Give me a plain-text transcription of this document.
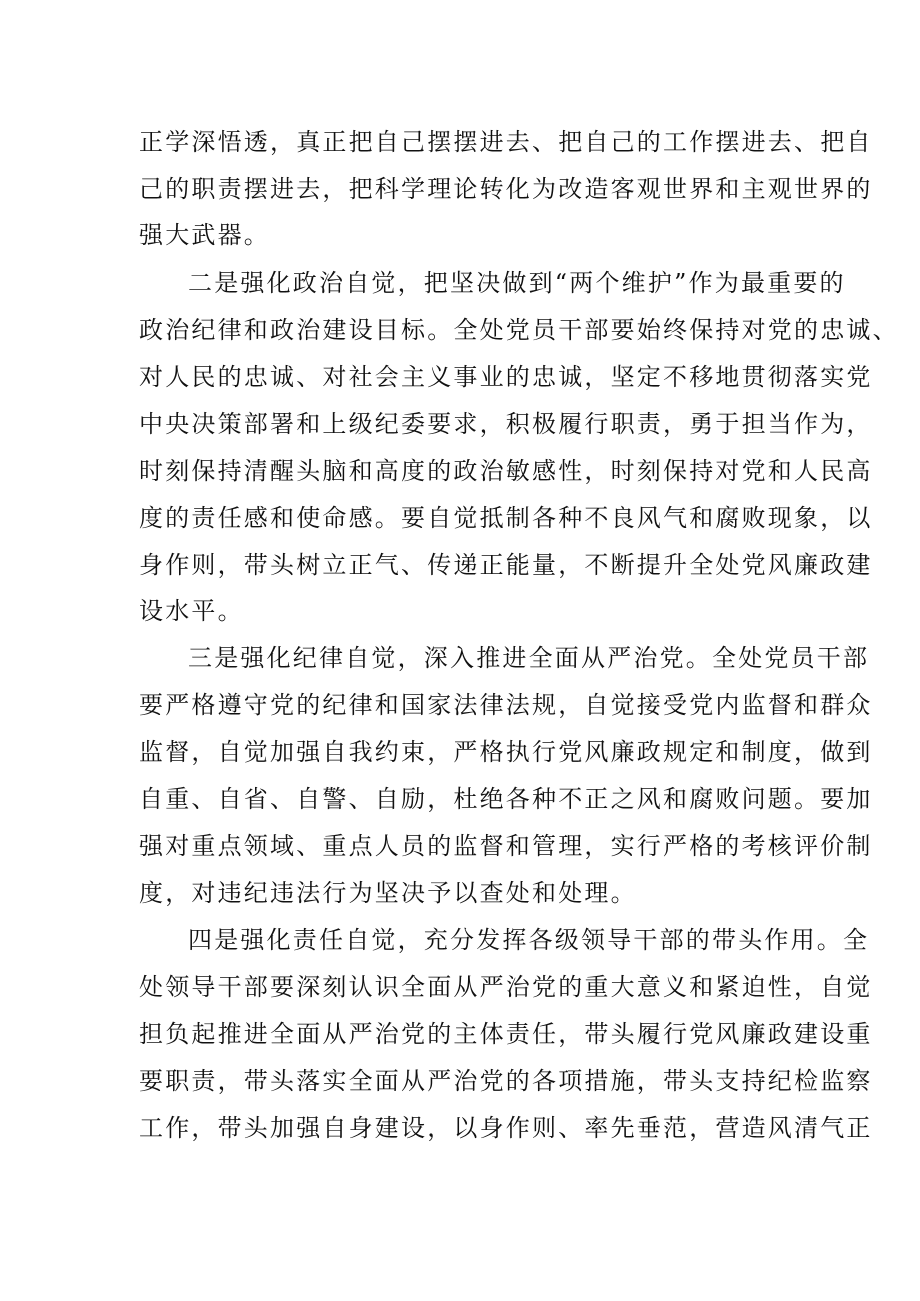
正学深悟透，真正把自己摆摆进去、把自己的工作摆进去、把自
己的职责摆进去，把科学理论转化为改造客观世界和主观世界的
强大武器。
二是强化政治自觉，把坚决做到“两个维护”作为最重要的
政治纪律和政治建设目标。全处党员干部要始终保持对党的忠诚、
对人民的忠诚、对社会主义事业的忠诚，坚定不移地贯彻落实党
中央决策部署和上级纪委要求，积极履行职责，勇于担当作为，
时刻保持清醒头脑和高度的政治敏感性，时刻保持对党和人民高
度的责任感和使命感。要自觉抵制各种不良风气和腐败现象，以
身作则，带头树立正气、传递正能量，不断提升全处党风廉政建
设水平。
三是强化纪律自觉，深入推进全面从严治党。全处党员干部
要严格遵守党的纪律和国家法律法规，自觉接受党内监督和群众
监督，自觉加强自我约束，严格执行党风廉政规定和制度，做到
自重、自省、自警、自励，杜绝各种不正之风和腐败问题。要加
强对重点领域、重点人员的监督和管理，实行严格的考核评价制
度，对违纪违法行为坚决予以查处和处理。
四是强化责任自觉，充分发挥各级领导干部的带头作用。全
处领导干部要深刻认识全面从严治党的重大意义和紧迫性，自觉
担负起推进全面从严治党的主体责任，带头履行党风廉政建设重
要职责，带头落实全面从严治党的各项措施，带头支持纪检监察
工作，带头加强自身建设，以身作则、率先垂范，营造风清气正
